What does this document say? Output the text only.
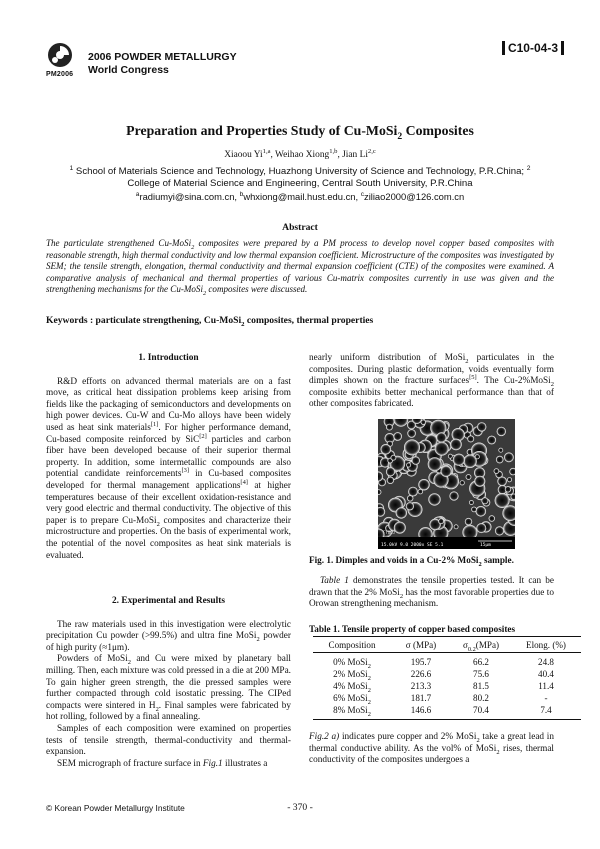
PM2006
2006 POWDER METALLURGY
World Congress
C10-04-3
Preparation and Properties Study of Cu-MoSi$_2$ Composites
Xiaoou Yi$^{1,a}$, Weihao Xiong$^{1,b}$, Jian Li$^{2,c}$
$^1$ School of Materials Science and Technology, Huazhong University of Science and Technology, P.R.China; $^2$ College of Material Science and Engineering, Central South University, P.R.China
$^a$radiumyi@sina.com.cn, $^b$whxiong@mail.hust.edu.cn, $^c$ziliao2000@126.com.cn
Abstract
The particulate strengthened Cu-MoSi$_2$ composites were prepared by a PM process to develop novel copper based composites with reasonable strength, high thermal conductivity and low thermal expansion coefficient. Microstructure of the composites was investigated by SEM; the tensile strength, elongation, thermal conductivity and thermal expansion coefficient (CTE) of the composites were examined. A comparative analysis of mechanical and thermal properties of various Cu-matrix composites currently in use was given and the strengthening mechanisms for the Cu-MoSi$_2$ composites were discussed.
Keywords : particulate strengthening, Cu-MoSi$_2$ composites, thermal properties
1. Introduction

R&D efforts on advanced thermal materials are on a fast move, as critical heat dissipation problems keep arising from fields like the packaging of semiconductors and developments on high power devices. Cu-W and Cu-Mo alloys have been widely used as heat sink materials[1]. For higher performance demand, Cu-based composite reinforced by SiC[2] particles and carbon fiber have been developed because of their superior thermal property. In addition, some intermetallic compounds are also potential candidate reinforcements[3] in Cu-based composites developed for thermal management applications[4] at higher temperatures because of their excellent oxidation-resistance and very good electric and thermal conductivity. The objective of this paper is to prepare Cu-MoSi$_2$ composites and characterize their microstructure and properties. On the basis of experimental work, the potential of the novel composites as heat sink materials is evaluated.

2. Experimental and Results

The raw materials used in this investigation were electrolytic precipitation Cu powder (>99.5%) and ultra fine MoSi$_2$ powder of high purity (≈1μm).

Powders of MoSi$_2$ and Cu were mixed by planetary ball milling. Then, each mixture was cold pressed in a die at 200 MPa. To gain higher green strength, the die pressed samples were further compacted through cold isostatic pressing. The CIPed compacts were sintered in $H_2$. Final samples were fabricated by hot rolling, followed by a final annealing.

Samples of each composition were examined on properties tests of tensile strength, thermal-conductivity and thermal-expansion.

SEM micrograph of fracture surface in Fig.1 illustrates a

nearly uniform distribution of MoSi$_2$ particulates in the composites. During plastic deformation, voids eventually form dimples shown on the fracture surfaces[5]. The Cu-2%MoSi$_2$ composite exhibits better mechanical performance than that of other composites fabricated.

15.0kV 9.0 2000x SE 5.1	15μm
FYBOJ
Fig. 1. Dimples and voids in a Cu-2% MoSi$_2$ sample.

Table 1 demonstrates the tensile properties tested. It can be drawn that the 2% MoSi$_2$ has the most favorable properties due to Orowan strengthening mechanism.

Table 1. Tensile property of copper based composites
Composition	σ (MPa)	$\sigma_{0.2}(MPa)$	Elong. (%)
0% MoSi$_2$	195.7	66.2	24.8
2% MoSi$_2$	226.6	75.6	40.4
4% MoSi$_2$	213.3	81.5	11.4
6% MoSi$_2$	181.7	80.2	-
8% MoSi$_2$	146.6	70.4	7.4

Fig.2 a) indicates pure copper and 2% MoSi$_2$ take a great lead in thermal conductive ability. As the vol% of MoSi$_2$ rises, thermal conductivity of the composites undergoes a

© Korean Powder Metallurgy Institute	- 370 -
